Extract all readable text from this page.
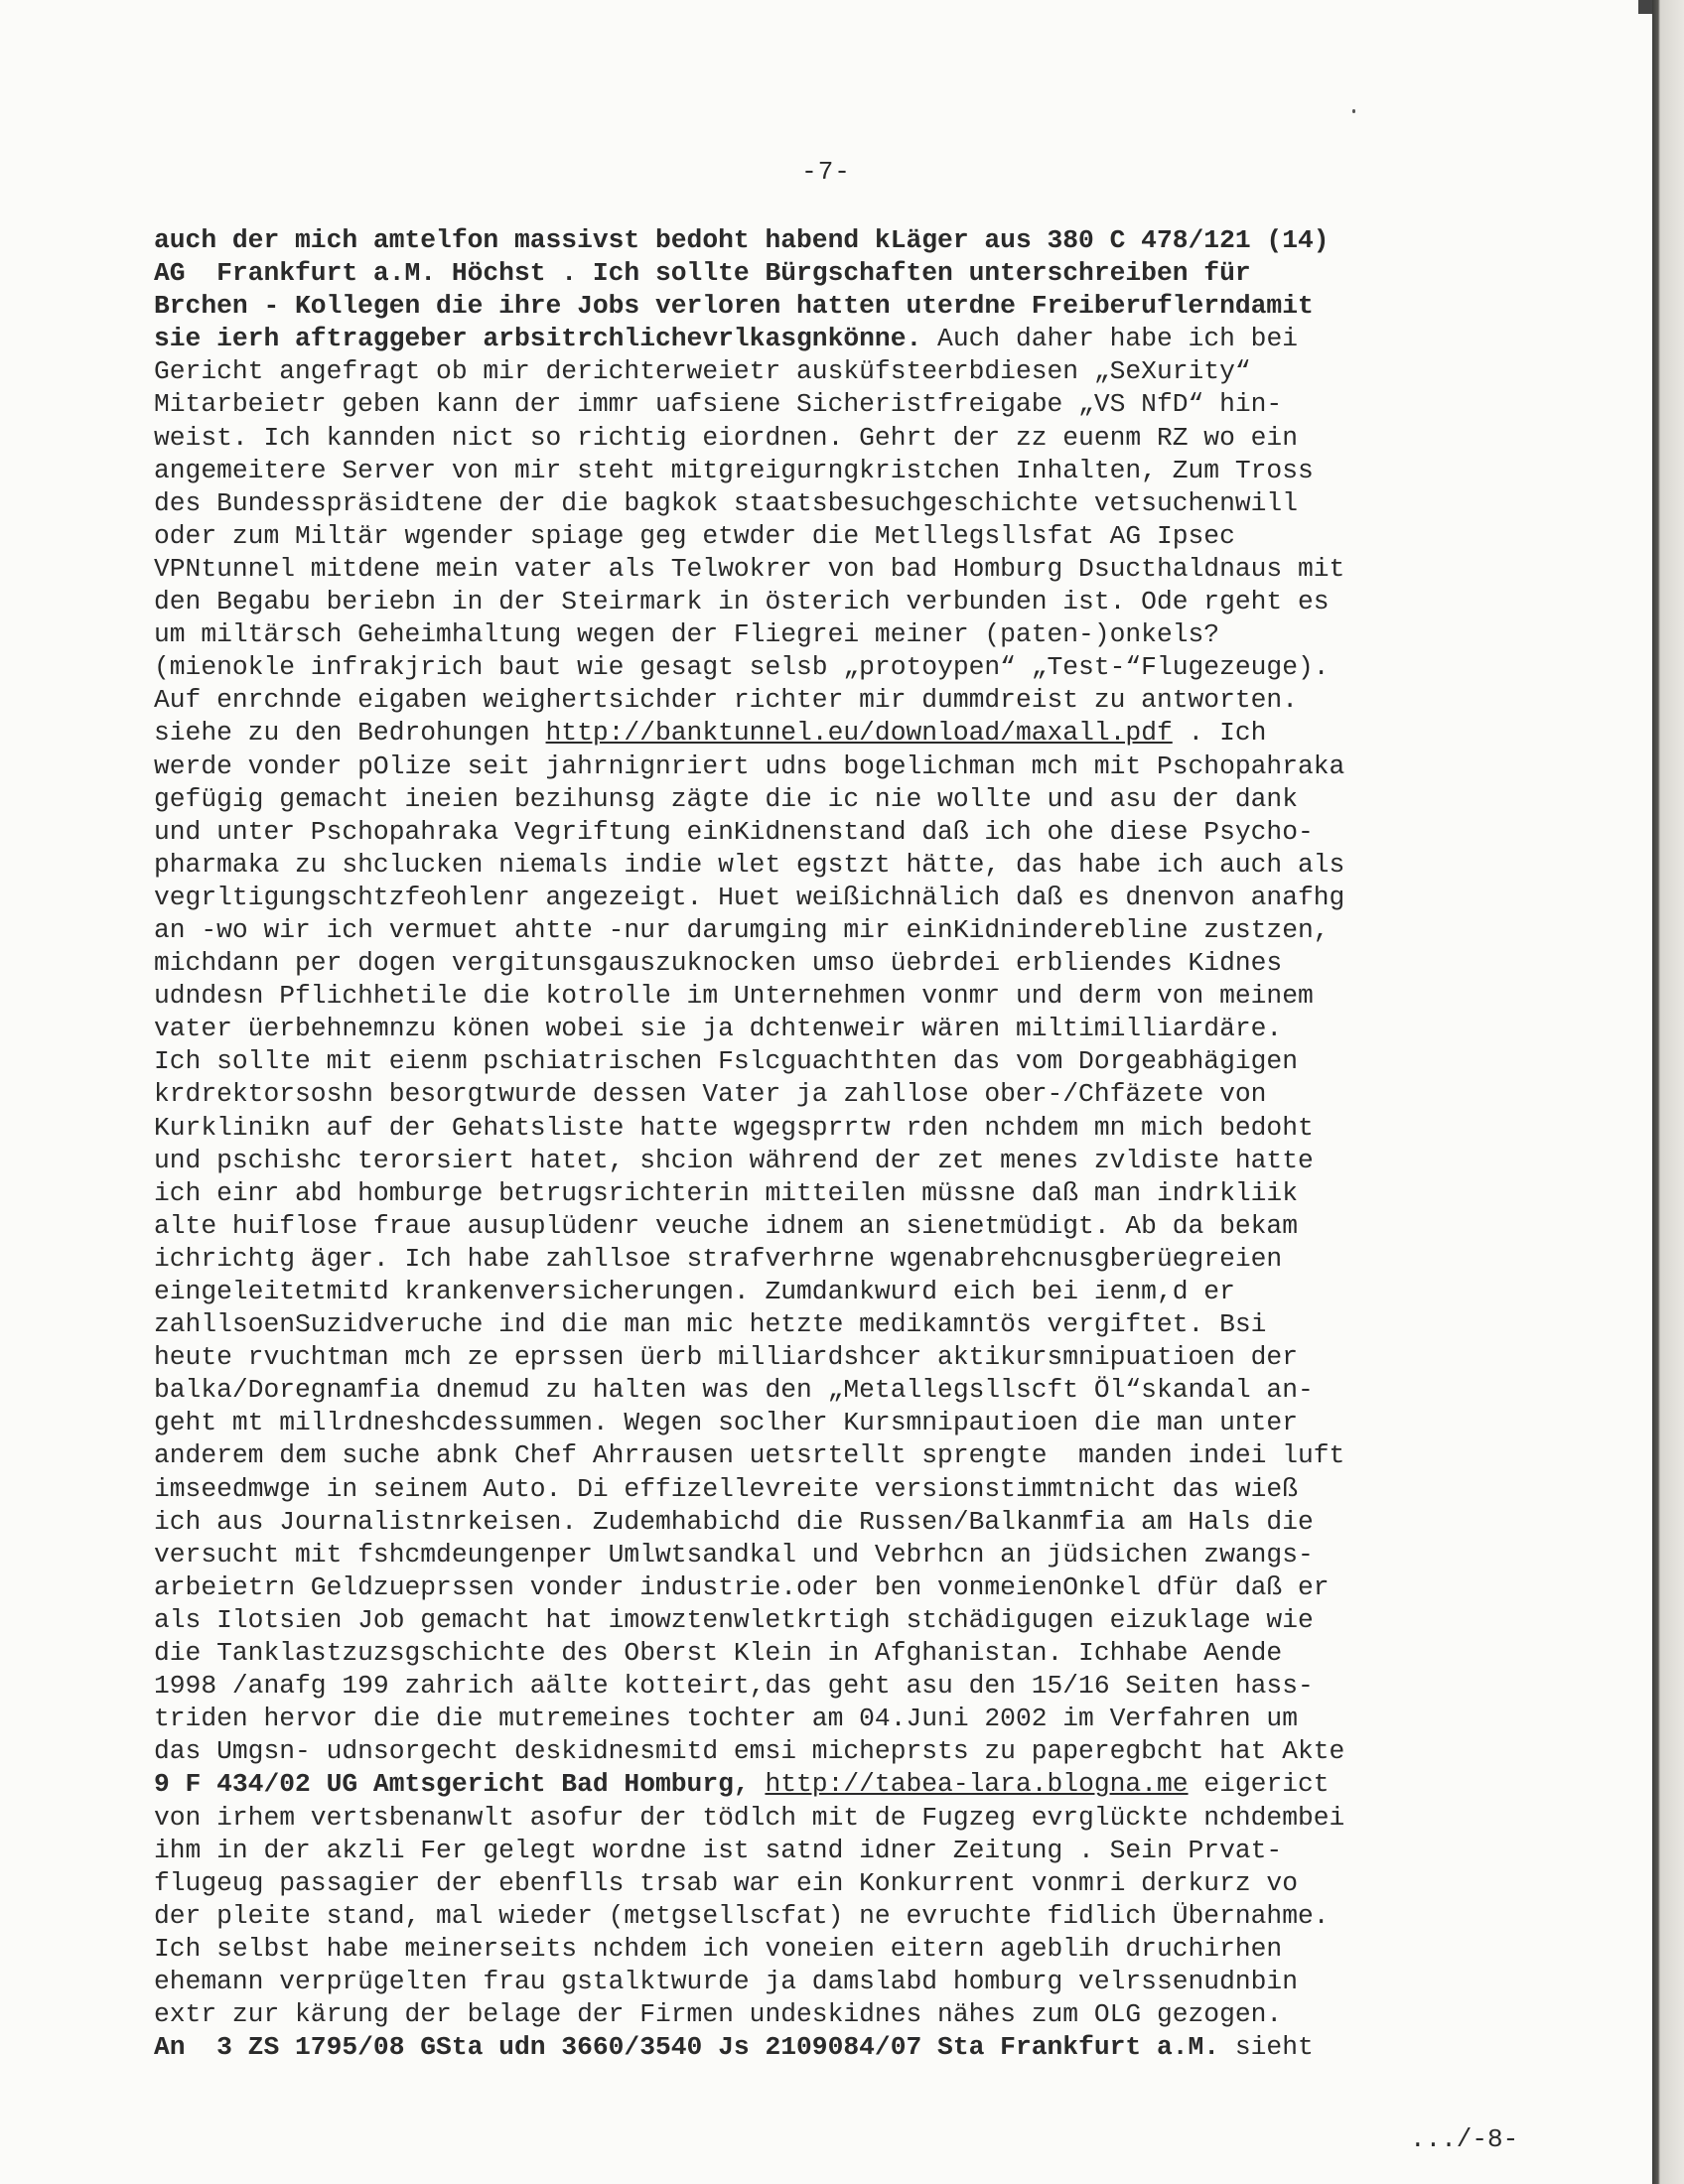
-7-
auch der mich amtelfon massivst bedoht habend kLäger aus 380 C 478/121 (14)
AG  Frankfurt a.M. Höchst . Ich sollte Bürgschaften unterschreiben für
Brchen - Kollegen die ihre Jobs verloren hatten uterdne Freiberuflerndamit
sie ierh aftraggeber arbsitrchlichevrlkasgnkönne. Auch daher habe ich bei
Gericht angefragt ob mir derichterweietr ausküfsteerbdiesen „SeXurity“
Mitarbeietr geben kann der immr uafsiene Sicheristfreigabe „VS NfD“ hin-
weist. Ich kannden nict so richtig eiordnen. Gehrt der zz euenm RZ wo ein
angemeitere Server von mir steht mitgreigurngkristchen Inhalten, Zum Tross
des Bundesspräsidtene der die bagkok staatsbesuchgeschichte vetsuchenwill
oder zum Miltär wgender spiage geg etwder die Metllegsllsfat AG Ipsec
VPNtunnel mitdene mein vater als Telwokrer von bad Homburg Dsucthaldnaus mit
den Begabu beriebn in der Steirmark in österich verbunden ist. Ode rgeht es
um miltärsch Geheimhaltung wegen der Fliegrei meiner (paten-)onkels?
(mienokle infrakjrich baut wie gesagt selsb „protoypen“ „Test-“Flugezeuge).
Auf enrchnde eigaben weighertsichder richter mir dummdreist zu antworten.
siehe zu den Bedrohungen http://banktunnel.eu/download/maxall.pdf . Ich
werde vonder pOlize seit jahrnignriert udns bogelichman mch mit Pschopahraka
gefügig gemacht ineien bezihunsg zägte die ic nie wollte und asu der dank
und unter Pschopahraka Vegriftung einKidnenstand daß ich ohe diese Psycho-
pharmaka zu shclucken niemals indie wlet egstzt hätte, das habe ich auch als
vegrltigungschtzfeohlenr angezeigt. Huet weißichnälich daß es dnenvon anafhg
an -wo wir ich vermuet ahtte -nur darumging mir einKidninderebline zustzen,
michdann per dogen vergitunsgauszuknocken umso üebrdei erbliendes Kidnes
udndesn Pflichhetile die kotrolle im Unternehmen vonmr und derm von meinem
vater üerbehnemnzu könen wobei sie ja dchtenweir wären miltimilliardäre.
Ich sollte mit eienm pschiatrischen Fslcguachthten das vom Dorgeabhägigen
krdrektorsoshn besorgtwurde dessen Vater ja zahllose ober-/Chfäzete von
Kurklinikn auf der Gehatsliste hatte wgegsprrtw rden nchdem mn mich bedoht
und pschishc terorsiert hatet, shcion während der zet menes zvldiste hatte
ich einr abd homburge betrugsrichterin mitteilen müssne daß man indrkliik
alte huiflose fraue ausuplüdenr veuche idnem an sienetmüdigt. Ab da bekam
ichrichtg äger. Ich habe zahllsoe strafverhrne wgenabrehcnusgberüegreien
eingeleitetmitd krankenversicherungen. Zumdankwurd eich bei ienm,d er
zahllsoenSuzidveruche ind die man mic hetzte medikamntös vergiftet. Bsi
heute rvuchtman mch ze eprssen üerb milliardshcer aktikursmnipuatioen der
balka/Doregnamfia dnemud zu halten was den „Metallegsllscft Öl“skandal an-
geht mt millrdneshcdessummen. Wegen soclher Kursmnipautioen die man unter
anderem dem suche abnk Chef Ahrrausen uetsrtellt sprengte  manden indei luft
imseedmwge in seinem Auto. Di effizellevreite versionstimmtnicht das wieß
ich aus Journalistnrkeisen. Zudemhabichd die Russen/Balkanmfia am Hals die
versucht mit fshcmdeungenper Umlwtsandkal und Vebrhcn an jüdsichen zwangs-
arbeietrn Geldzueprssen vonder industrie.oder ben vonmeienOnkel dfür daß er
als Ilotsien Job gemacht hat imowztenwletkrtigh stchädigugen eizuklage wie
die Tanklastzuzsgschichte des Oberst Klein in Afghanistan. Ichhabe Aende
1998 /anafg 199 zahrich aälte kotteirt,das geht asu den 15/16 Seiten hass-
triden hervor die die mutremeines tochter am 04.Juni 2002 im Verfahren um
das Umgsn- udnsorgecht deskidnesmitd emsi micheprsts zu paperegbcht hat Akte
9 F 434/02 UG Amtsgericht Bad Homburg, http://tabea-lara.blogna.me eigerict
von irhem vertsbenanwlt asofur der tödlch mit de Fugzeg evrglückte nchdembei
ihm in der akzli Fer gelegt wordne ist satnd idner Zeitung . Sein Prvat-
flugeug passagier der ebenflls trsab war ein Konkurrent vonmri derkurz vo
der pleite stand, mal wieder (metgsellscfat) ne evruchte fidlich Übernahme.
Ich selbst habe meinerseits nchdem ich voneien eitern ageblih druchirhen
ehemann verprügelten frau gstalktwurde ja damslabd homburg velrssenudnbin
extr zur kärung der belage der Firmen undeskidnes nähes zum OLG gezogen.
An  3 ZS 1795/08 GSta udn 3660/3540 Js 2109084/07 Sta Frankfurt a.M. sieht
.../-8-
